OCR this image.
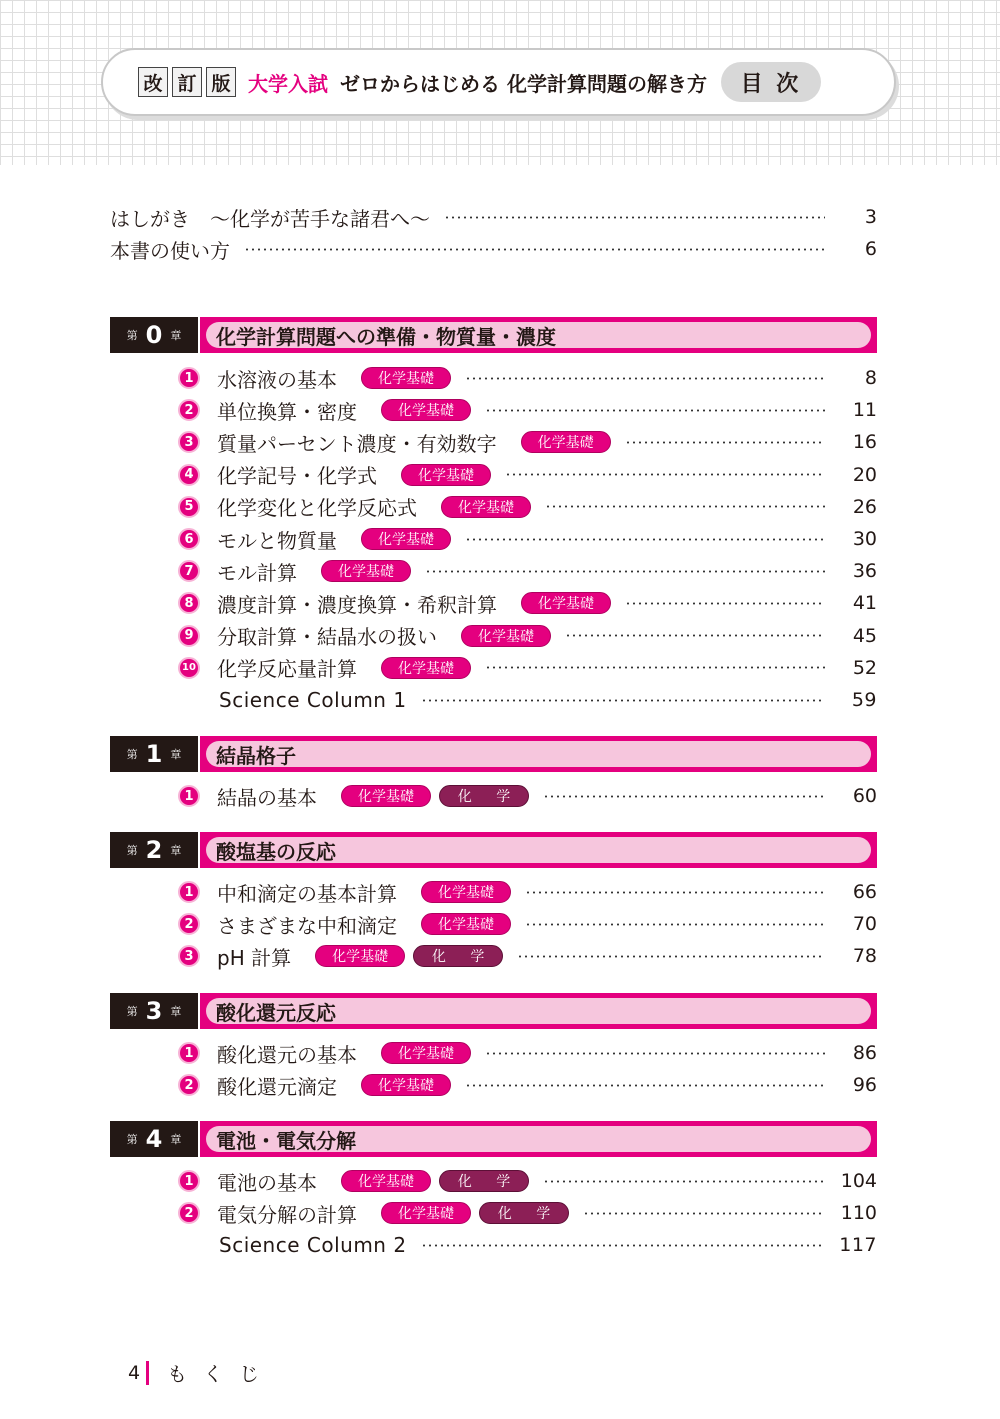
改 訂 版 大学入試 ゼロからはじめる 化学計算問題の解き方	目 次
はしがき　～化学が苦手な諸君へ～	3
本書の使い方	6
第 0 章	化学計算問題への準備・物質量・濃度
1	水溶液の基本	化学基礎	8
2	単位換算・密度	化学基礎	11
3	質量パーセント濃度・有効数字	化学基礎	16
4	化学記号・化学式	化学基礎	20
5	化学変化と化学反応式	化学基礎	26
6	モルと物質量	化学基礎	30
7	モル計算	化学基礎	36
8	濃度計算・濃度換算・希釈計算	化学基礎	41
9	分取計算・結晶水の扱い	化学基礎	45
10 化学反応量計算	化学基礎	52
Science Column 1	59
第 1 章	結晶格子
1	結晶の基本	化学基礎	化 学	60
第 2 章	酸塩基の反応
1	中和滴定の基本計算	化学基礎	66
2	さまざまな中和滴定	化学基礎	70
3	pH 計算	化学基礎	化 学	78
第 3 章	酸化還元反応
1	酸化還元の基本	化学基礎	86
2	酸化還元滴定	化学基礎	96
第 4 章	電池・電気分解
1	電池の基本	化学基礎	化 学	104
2	電気分解の計算	化学基礎	化 学	110
Science Column 2	117
4 もくじ
